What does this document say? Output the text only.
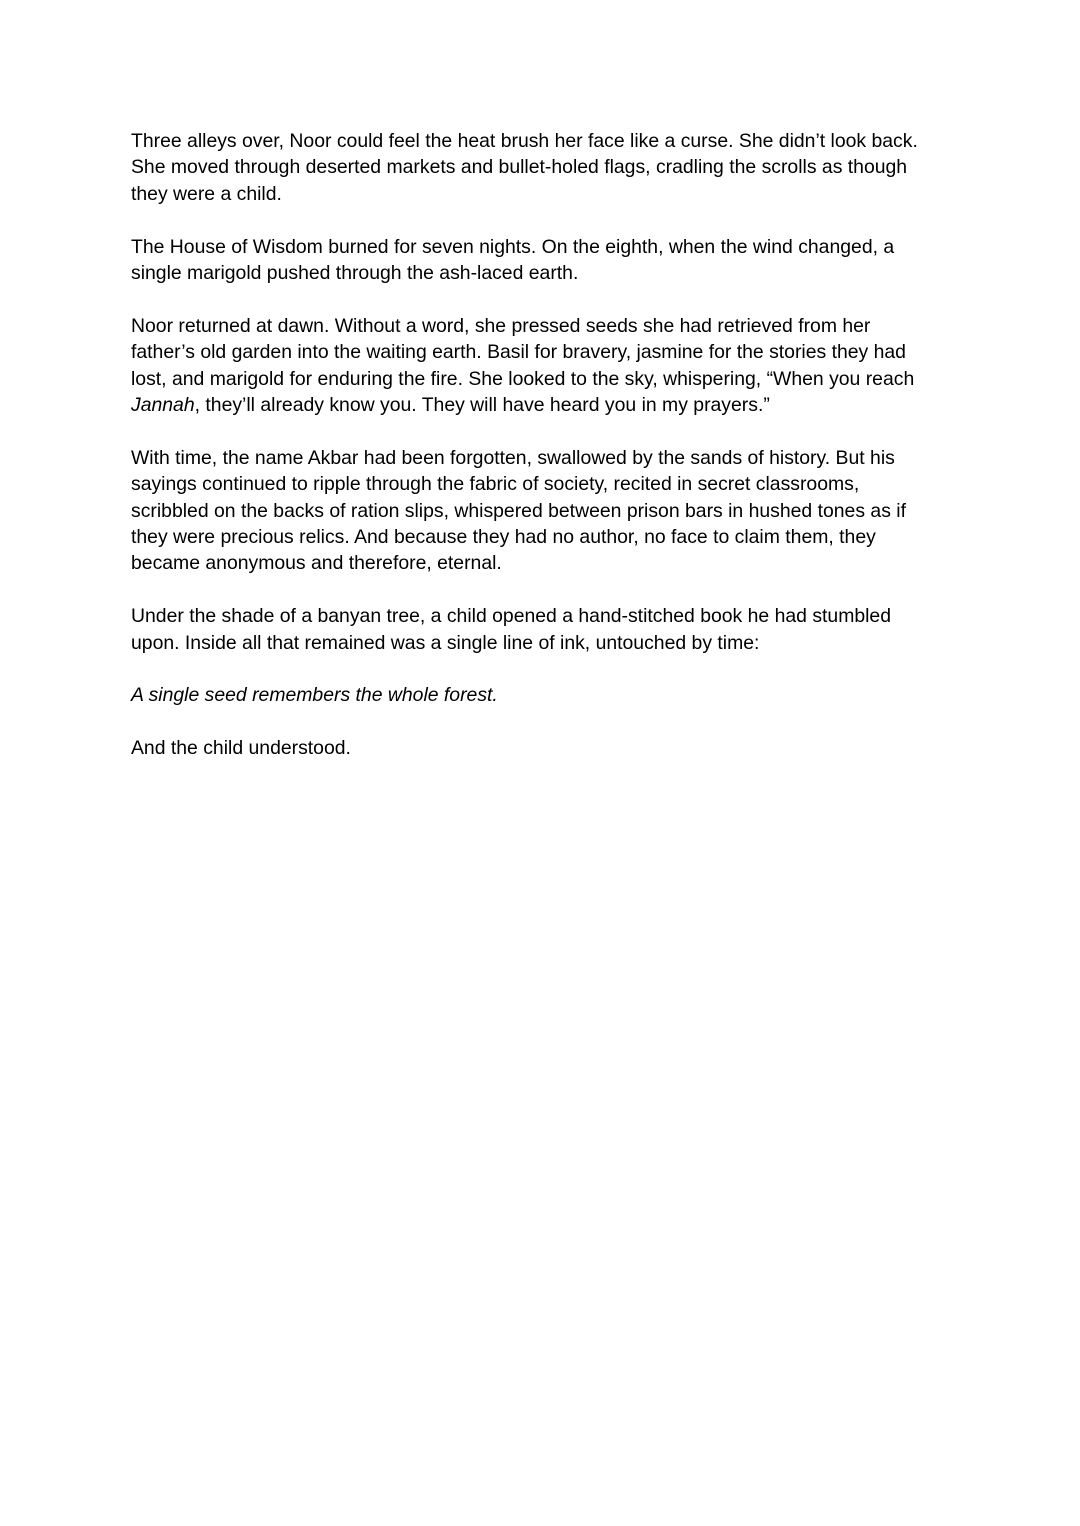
Three alleys over, Noor could feel the heat brush her face like a curse. She didn’t look back.
She moved through deserted markets and bullet-holed flags, cradling the scrolls as though
they were a child.

The House of Wisdom burned for seven nights. On the eighth, when the wind changed, a
single marigold pushed through the ash-laced earth.

Noor returned at dawn. Without a word, she pressed seeds she had retrieved from her
father’s old garden into the waiting earth. Basil for bravery, jasmine for the stories they had
lost, and marigold for enduring the fire. She looked to the sky, whispering, “When you reach
Jannah, they’ll already know you. They will have heard you in my prayers.”

With time, the name Akbar had been forgotten, swallowed by the sands of history. But his
sayings continued to ripple through the fabric of society, recited in secret classrooms,
scribbled on the backs of ration slips, whispered between prison bars in hushed tones as if
they were precious relics. And because they had no author, no face to claim them, they
became anonymous and therefore, eternal.

Under the shade of a banyan tree, a child opened a hand-stitched book he had stumbled
upon. Inside all that remained was a single line of ink, untouched by time:

A single seed remembers the whole forest.

And the child understood.
